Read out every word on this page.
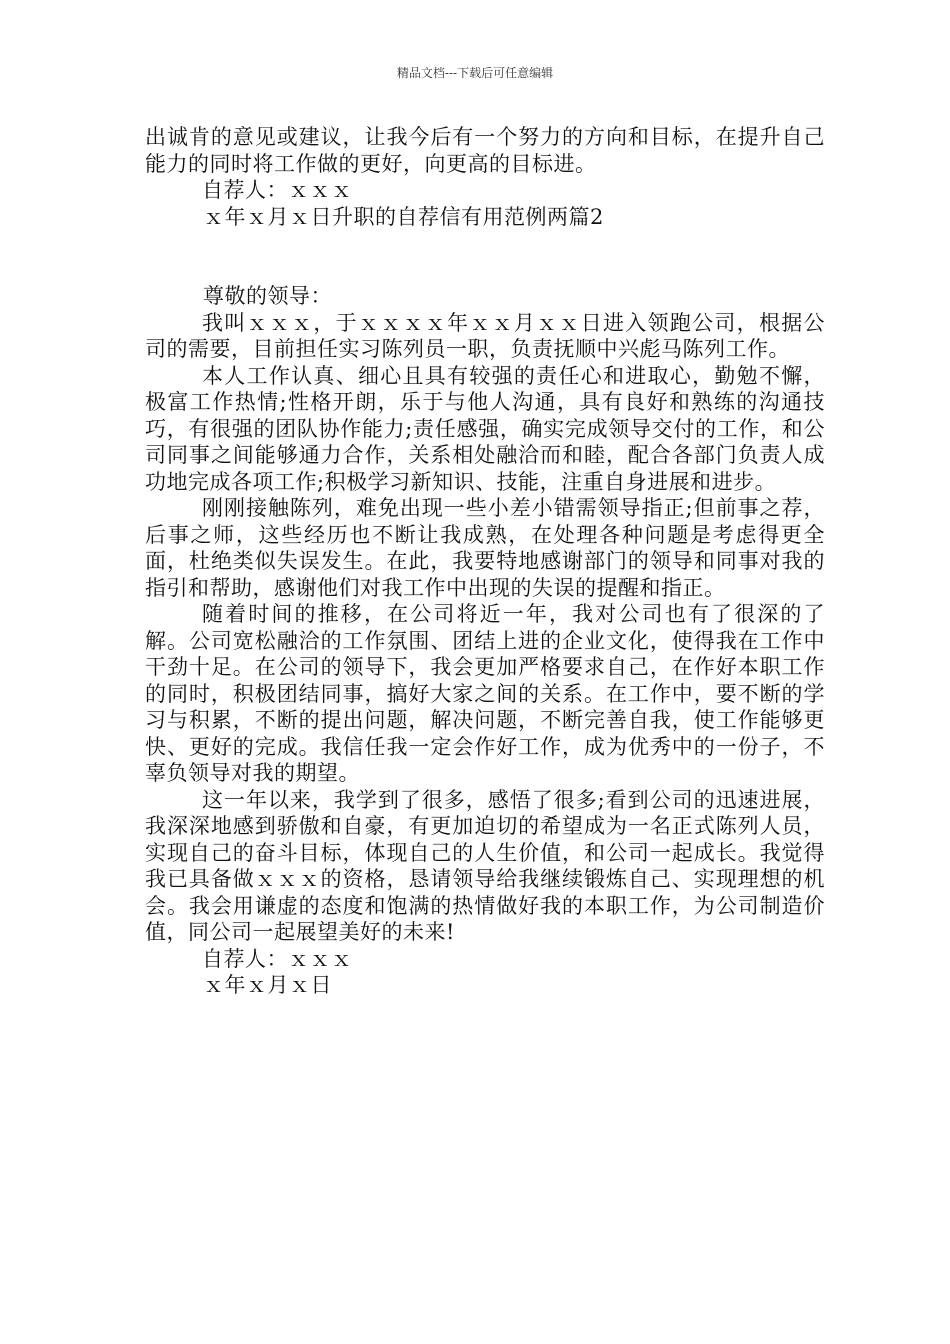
精品文档---下载后可任意编辑

出诚肯的意见或建议，让我今后有一个努力的方向和目标，在提升自己能力的同时将工作做的更好，向更高的目标进。

自荐人：ｘｘｘ

ｘ年ｘ月ｘ日升职的自荐信有用范例两篇2

尊敬的领导：

我叫ｘｘｘ，于ｘｘｘｘ年ｘｘ月ｘｘ日进入领跑公司，根据公司的需要，目前担任实习陈列员一职，负责抚顺中兴彪马陈列工作。

本人工作认真、细心且具有较强的责任心和进取心，勤勉不懈，极富工作热情;性格开朗，乐于与他人沟通，具有良好和熟练的沟通技巧，有很强的团队协作能力;责任感强，确实完成领导交付的工作，和公司同事之间能够通力合作，关系相处融洽而和睦，配合各部门负责人成功地完成各项工作;积极学习新知识、技能，注重自身进展和进步。

刚刚接触陈列，难免出现一些小差小错需领导指正;但前事之荐，后事之师，这些经历也不断让我成熟，在处理各种问题是考虑得更全面，杜绝类似失误发生。在此，我要特地感谢部门的领导和同事对我的指引和帮助，感谢他们对我工作中出现的失误的提醒和指正。

随着时间的推移，在公司将近一年，我对公司也有了很深的了解。公司宽松融洽的工作氛围、团结上进的企业文化，使得我在工作中干劲十足。在公司的领导下，我会更加严格要求自己，在作好本职工作的同时，积极团结同事，搞好大家之间的关系。在工作中，要不断的学习与积累，不断的提出问题，解决问题，不断完善自我，使工作能够更快、更好的完成。我信任我一定会作好工作，成为优秀中的一份子，不辜负领导对我的期望。

这一年以来，我学到了很多，感悟了很多;看到公司的迅速进展，我深深地感到骄傲和自豪，有更加迫切的希望成为一名正式陈列人员，实现自己的奋斗目标，体现自己的人生价值，和公司一起成长。我觉得我已具备做ｘｘｘ的资格，恳请领导给我继续锻炼自己、实现理想的机会。我会用谦虚的态度和饱满的热情做好我的本职工作，为公司制造价值，同公司一起展望美好的未来!

自荐人：ｘｘｘ

ｘ年ｘ月ｘ日
